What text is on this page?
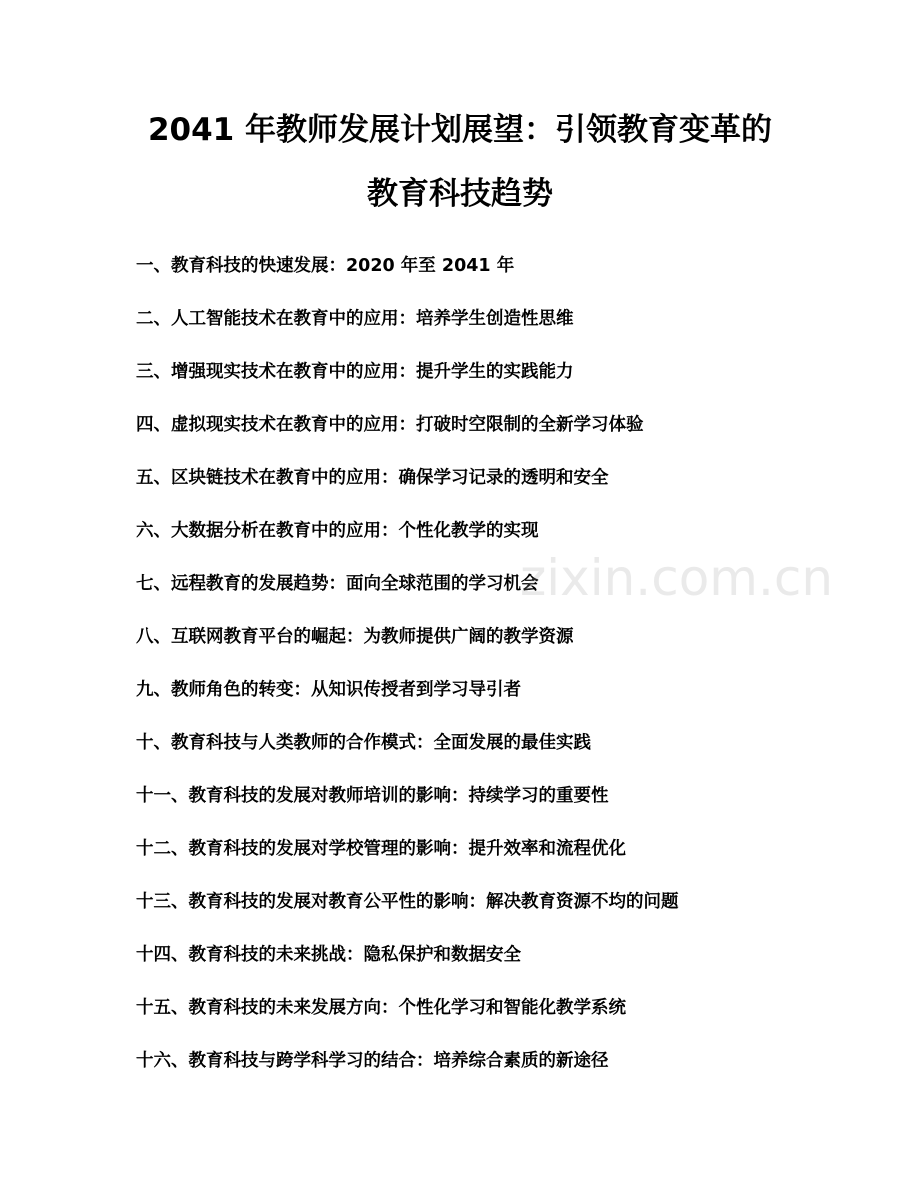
2041 年教师发展计划展望：引领教育变革的
教育科技趋势
一、教育科技的快速发展：2020 年至 2041 年
二、人工智能技术在教育中的应用：培养学生创造性思维
三、增强现实技术在教育中的应用：提升学生的实践能力
四、虚拟现实技术在教育中的应用：打破时空限制的全新学习体验
五、区块链技术在教育中的应用：确保学习记录的透明和安全
六、大数据分析在教育中的应用：个性化教学的实现
七、远程教育的发展趋势：面向全球范围的学习机会
八、互联网教育平台的崛起：为教师提供广阔的教学资源
九、教师角色的转变：从知识传授者到学习导引者
十、教育科技与人类教师的合作模式：全面发展的最佳实践
十一、教育科技的发展对教师培训的影响：持续学习的重要性
十二、教育科技的发展对学校管理的影响：提升效率和流程优化
十三、教育科技的发展对教育公平性的影响：解决教育资源不均的问题
十四、教育科技的未来挑战：隐私保护和数据安全
十五、教育科技的未来发展方向：个性化学习和智能化教学系统
十六、教育科技与跨学科学习的结合：培养综合素质的新途径
zixin.com.cn
